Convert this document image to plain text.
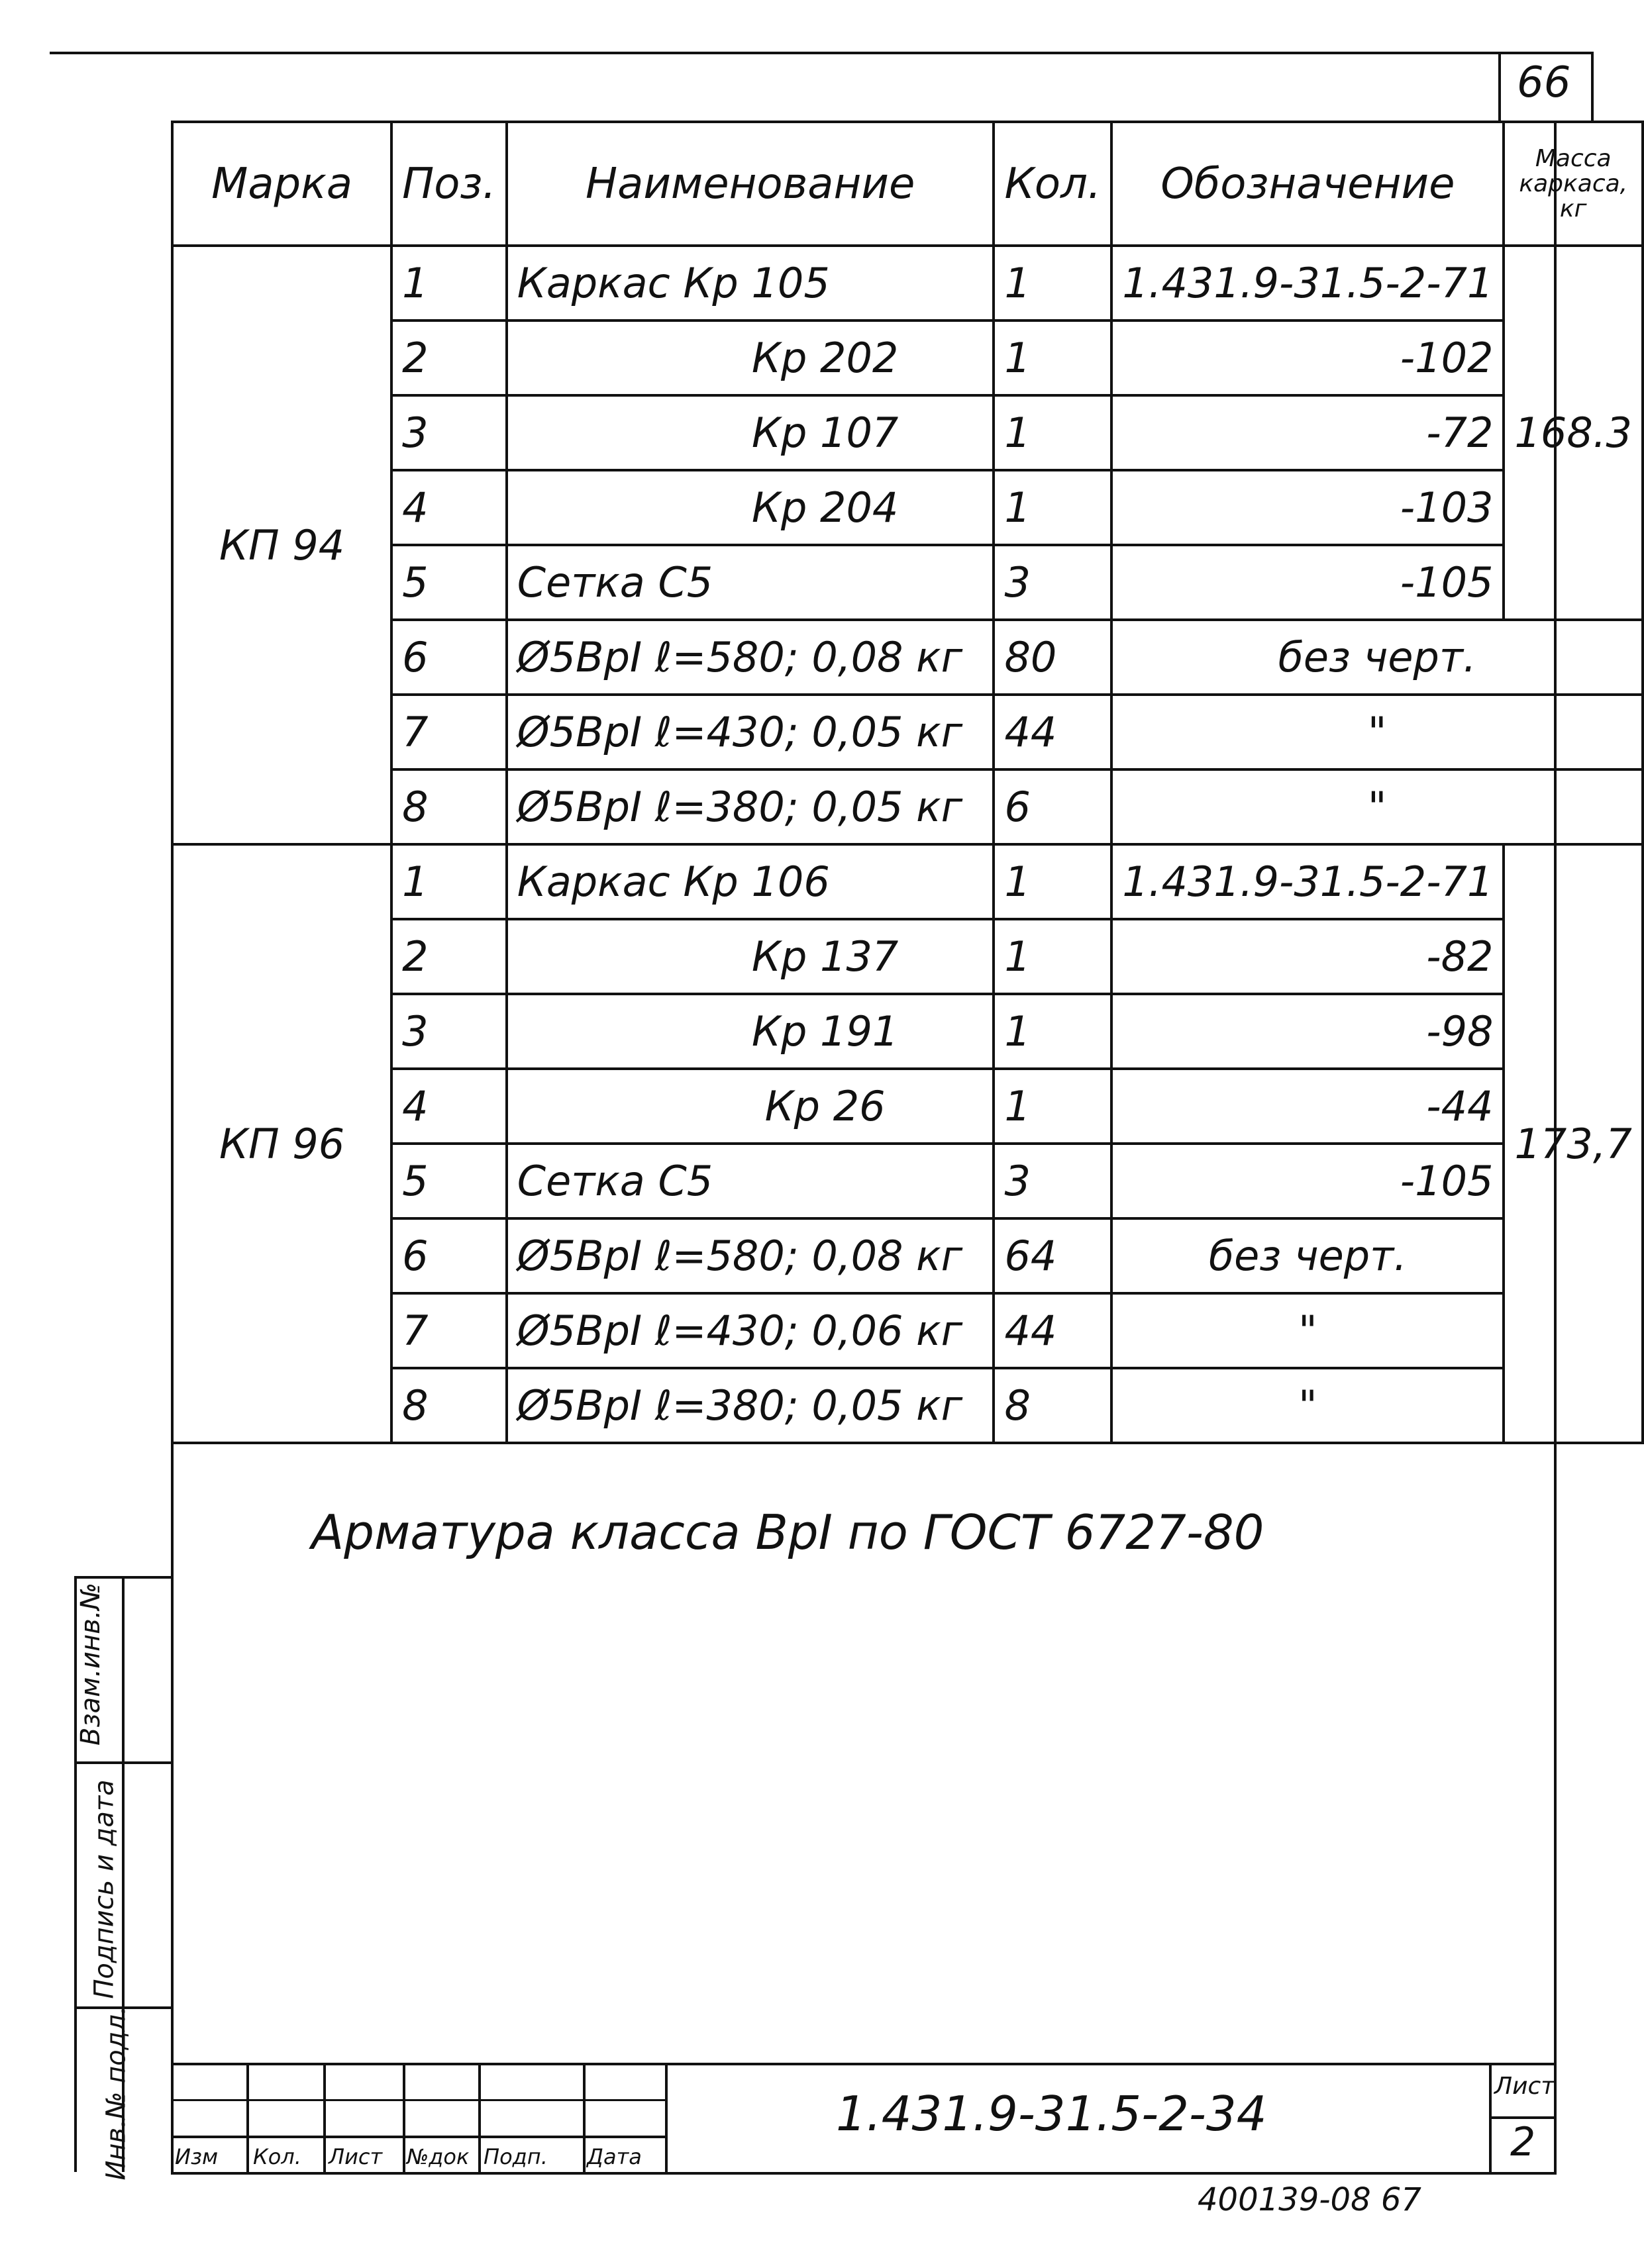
66
Марка	Поз.	Наименование	Кол.	Обозначение	Масса
каркаса,
кг

КП 94	1	Каркас Кр 105	1	1.431.9-31.5-2-71	168.3
	2	Кр 202	1	-102	
	3	Кр 107	1	-72	
	4	Кр 204	1	-103	
	5	Сетка С5	3	-105	
	6	Ø5ВрI ℓ=580; 0,08 кг	80	без черт.	
	7	Ø5ВрI ℓ=430; 0,05 кг	44	"	
	8	Ø5ВрI ℓ=380; 0,05 кг	6	"	
КП 96	1	Каркас Кр 106	1	1.431.9-31.5-2-71	173,7
	2	Кр 137	1	-82	
	3	Кр 191	1	-98	
	4	Кр 26	1	-44	
	5	Сетка С5	3	-105	
	6	Ø5ВрI ℓ=580; 0,08 кг	64	без черт.	
	7	Ø5ВрI ℓ=430; 0,06 кг	44	"	
	8	Ø5ВрI ℓ=380; 0,05 кг	8	"	
Арматура класса ВрI по ГОСТ 6727-80
Взам.инв.№
Подпись и дата
Инв.№ подл. Изм Кол. Лист №док Подп. Дата
1.431.9-31.5-2-34	Лист
2
400139-08 67
